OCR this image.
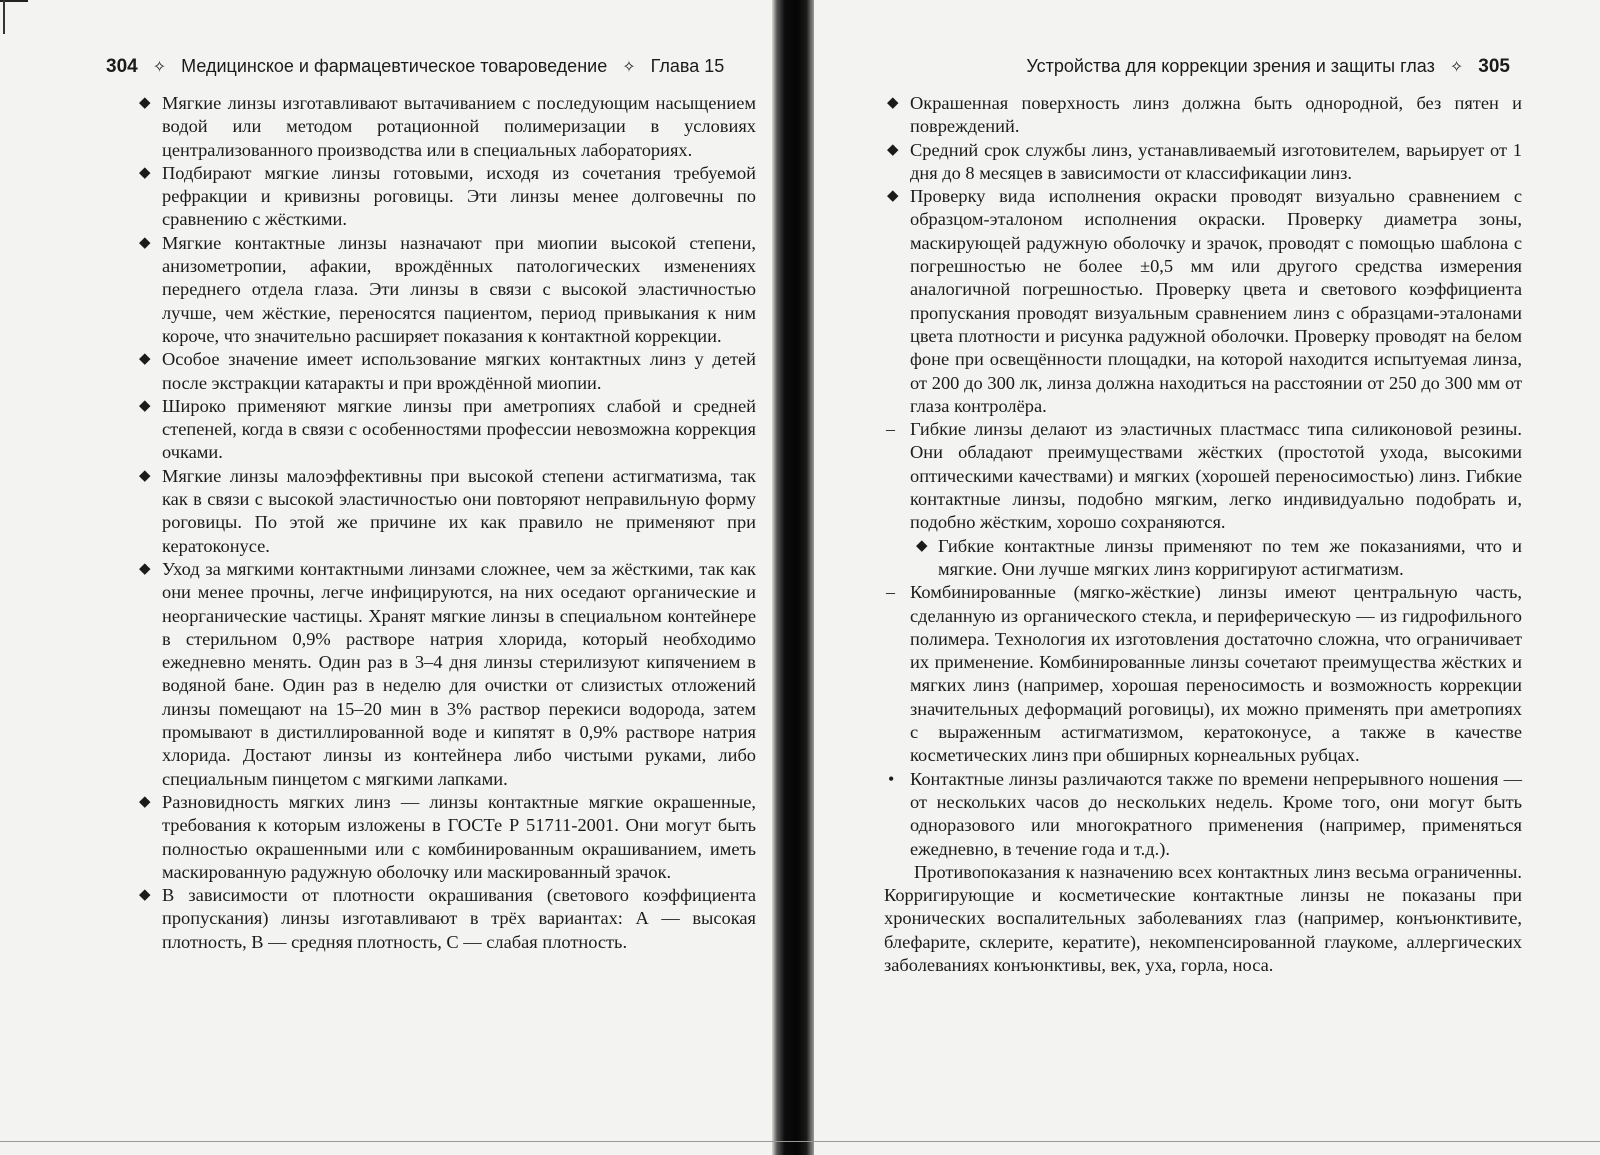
304 ✧ Медицинское и фармацевтическое товароведение ✧ Глава 15

◆ Мягкие линзы изготавливают вытачиванием с последующим насыщением водой или методом ротационной полимеризации в условиях централизованного производства или в специальных лабораториях.

◆ Подбирают мягкие линзы готовыми, исходя из сочетания требуемой рефракции и кривизны роговицы. Эти линзы менее долговечны по сравнению с жёсткими.

◆ Мягкие контактные линзы назначают при миопии высокой степени, анизометропии, афакии, врождённых патологических изменениях переднего отдела глаза. Эти линзы в связи с высокой эластичностью лучше, чем жёсткие, переносятся пациентом, период привыкания к ним короче, что значительно расширяет показания к контактной коррекции.

◆ Особое значение имеет использование мягких контактных линз у детей после экстракции катаракты и при врождённой миопии.

◆ Широко применяют мягкие линзы при аметропиях слабой и средней степеней, когда в связи с особенностями профессии невозможна коррекция очками.

◆ Мягкие линзы малоэффективны при высокой степени астигматизма, так как в связи с высокой эластичностью они повторяют неправильную форму роговицы. По этой же причине их как правило не применяют при кератоконусе.

◆ Уход за мягкими контактными линзами сложнее, чем за жёсткими, так как они менее прочны, легче инфицируются, на них оседают органические и неорганические частицы. Хранят мягкие линзы в специальном контейнере в стерильном 0,9% растворе натрия хлорида, который необходимо ежедневно менять. Один раз в 3–4 дня линзы стерилизуют кипячением в водяной бане. Один раз в неделю для очистки от слизистых отложений линзы помещают на 15–20 мин в 3% раствор перекиси водорода, затем промывают в дистиллированной воде и кипятят в 0,9% растворе натрия хлорида. Достают линзы из контейнера либо чистыми руками, либо специальным пинцетом с мягкими лапками.

◆ Разновидность мягких линз — линзы контактные мягкие окрашенные, требования к которым изложены в ГОСТе Р 51711-2001. Они могут быть полностью окрашенными или с комбинированным окрашиванием, иметь маскированную радужную оболочку или маскированный зрачок.

◆ В зависимости от плотности окрашивания (светового коэффициента пропускания) линзы изготавливают в трёх вариантах: А — высокая плотность, В — средняя плотность, С — слабая плотность.

Устройства для коррекции зрения и защиты глаз ✧ 305

◆ Окрашенная поверхность линз должна быть однородной, без пятен и повреждений.

◆ Средний срок службы линз, устанавливаемый изготовителем, варьирует от 1 дня до 8 месяцев в зависимости от классификации линз.

◆ Проверку вида исполнения окраски проводят визуально сравнением с образцом-эталоном исполнения окраски. Проверку диаметра зоны, маскирующей радужную оболочку и зрачок, проводят с помощью шаблона с погрешностью не более ±0,5 мм или другого средства измерения аналогичной погрешностью. Проверку цвета и светового коэффициента пропускания проводят визуальным сравнением линз с образцами-эталонами цвета плотности и рисунка радужной оболочки. Проверку проводят на белом фоне при освещённости площадки, на которой находится испытуемая линза, от 200 до 300 лк, линза должна находиться на расстоянии от 250 до 300 мм от глаза контролёра.

– Гибкие линзы делают из эластичных пластмасс типа силиконовой резины. Они обладают преимуществами жёстких (простотой ухода, высокими оптическими качествами) и мягких (хорошей переносимостью) линз. Гибкие контактные линзы, подобно мягким, легко индивидуально подобрать и, подобно жёстким, хорошо сохраняются.

◆ Гибкие контактные линзы применяют по тем же показаниями, что и мягкие. Они лучше мягких линз корригируют астигматизм.

– Комбинированные (мягко-жёсткие) линзы имеют центральную часть, сделанную из органического стекла, и периферическую — из гидрофильного полимера. Технология их изготовления достаточно сложна, что ограничивает их применение. Комбинированные линзы сочетают преимущества жёстких и мягких линз (например, хорошая переносимость и возможность коррекции значительных деформаций роговицы), их можно применять при аметропиях с выраженным астигматизмом, кератоконусе, а также в качестве косметических линз при обширных корнеальных рубцах.

• Контактные линзы различаются также по времени непрерывного ношения — от нескольких часов до нескольких недель. Кроме того, они могут быть одноразового или многократного применения (например, применяться ежедневно, в течение года и т.д.).

Противопоказания к назначению всех контактных линз весьма ограниченны. Корригирующие и косметические контактные линзы не показаны при хронических воспалительных заболеваниях глаз (например, конъюнктивите, блефарите, склерите, кератите), некомпенсированной глаукоме, аллергических заболеваниях конъюнктивы, век, уха, горла, носа.
